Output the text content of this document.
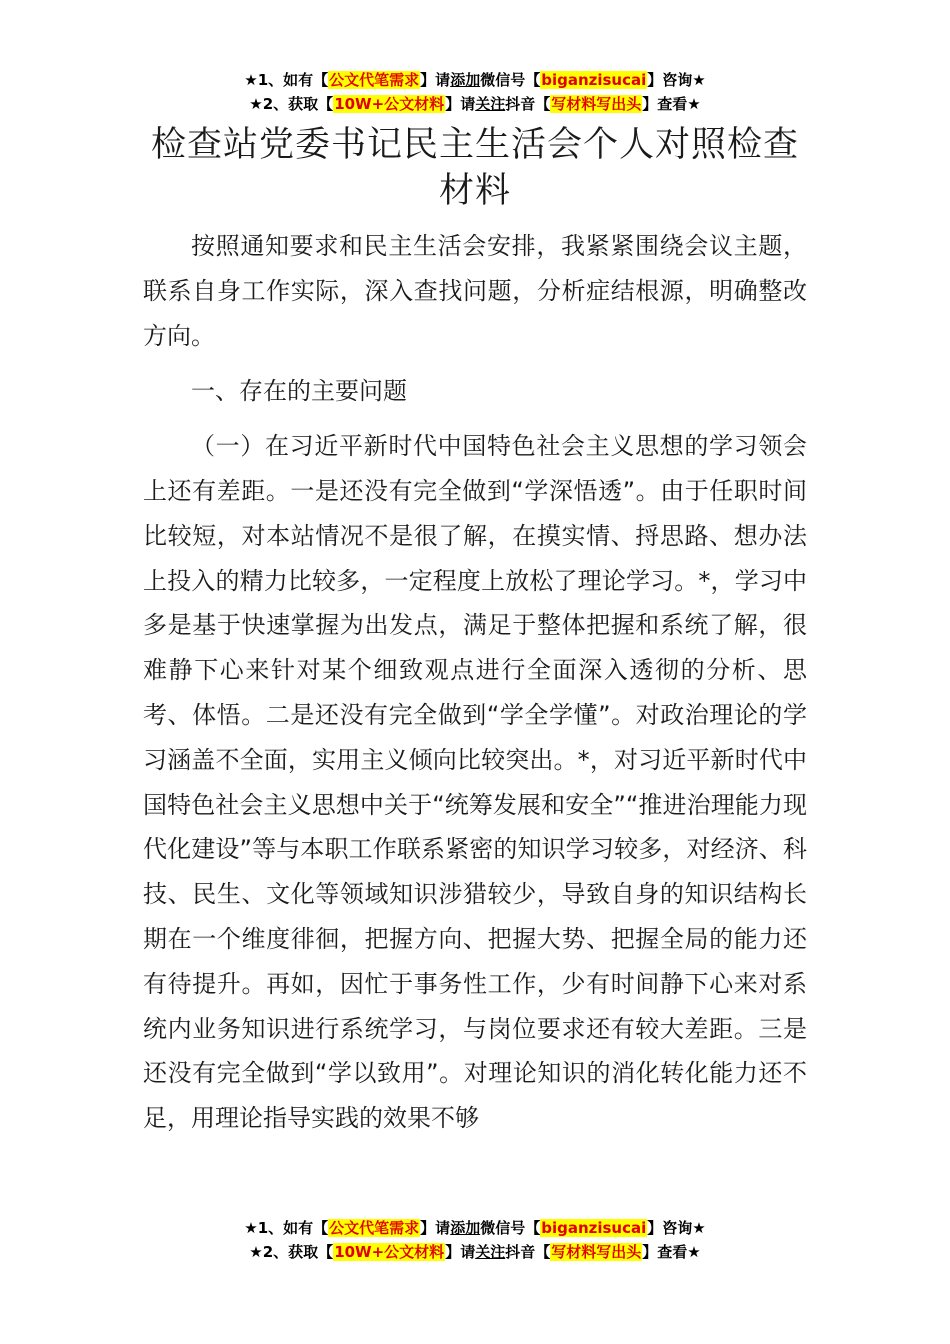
★1、如有【公文代笔需求】请添加微信号【biganzisucai】咨询★
★2、获取【10W+公文材料】请关注抖音【写材料写出头】查看★
检查站党委书记民主生活会个人对照检查材料

按照通知要求和民主生活会安排，我紧紧围绕会议主题，联系自身工作实际，深入查找问题，分析症结根源，明确整改方向。

一、存在的主要问题

（一）在习近平新时代中国特色社会主义思想的学习领会上还有差距。一是还没有完全做到“学深悟透”。由于任职时间比较短，对本站情况不是很了解，在摸实情、捋思路、想办法上投入的精力比较多，一定程度上放松了理论学习。*，学习中多是基于快速掌握为出发点，满足于整体把握和系统了解，很难静下心来针对某个细致观点进行全面深入透彻的分析、思考、体悟。二是还没有完全做到“学全学懂”。对政治理论的学习涵盖不全面，实用主义倾向比较突出。*，对习近平新时代中国特色社会主义思想中关于“统筹发展和安全”“推进治理能力现代化建设”等与本职工作联系紧密的知识学习较多，对经济、科技、民生、文化等领域知识涉猎较少，导致自身的知识结构长期在一个维度徘徊，把握方向、把握大势、把握全局的能力还有待提升。再如，因忙于事务性工作，少有时间静下心来对系统内业务知识进行系统学习，与岗位要求还有较大差距。三是还没有完全做到“学以致用”。对理论知识的消化转化能力还不足，用理论指导实践的效果不够

★1、如有【公文代笔需求】请添加微信号【biganzisucai】咨询★
★2、获取【10W+公文材料】请关注抖音【写材料写出头】查看★
